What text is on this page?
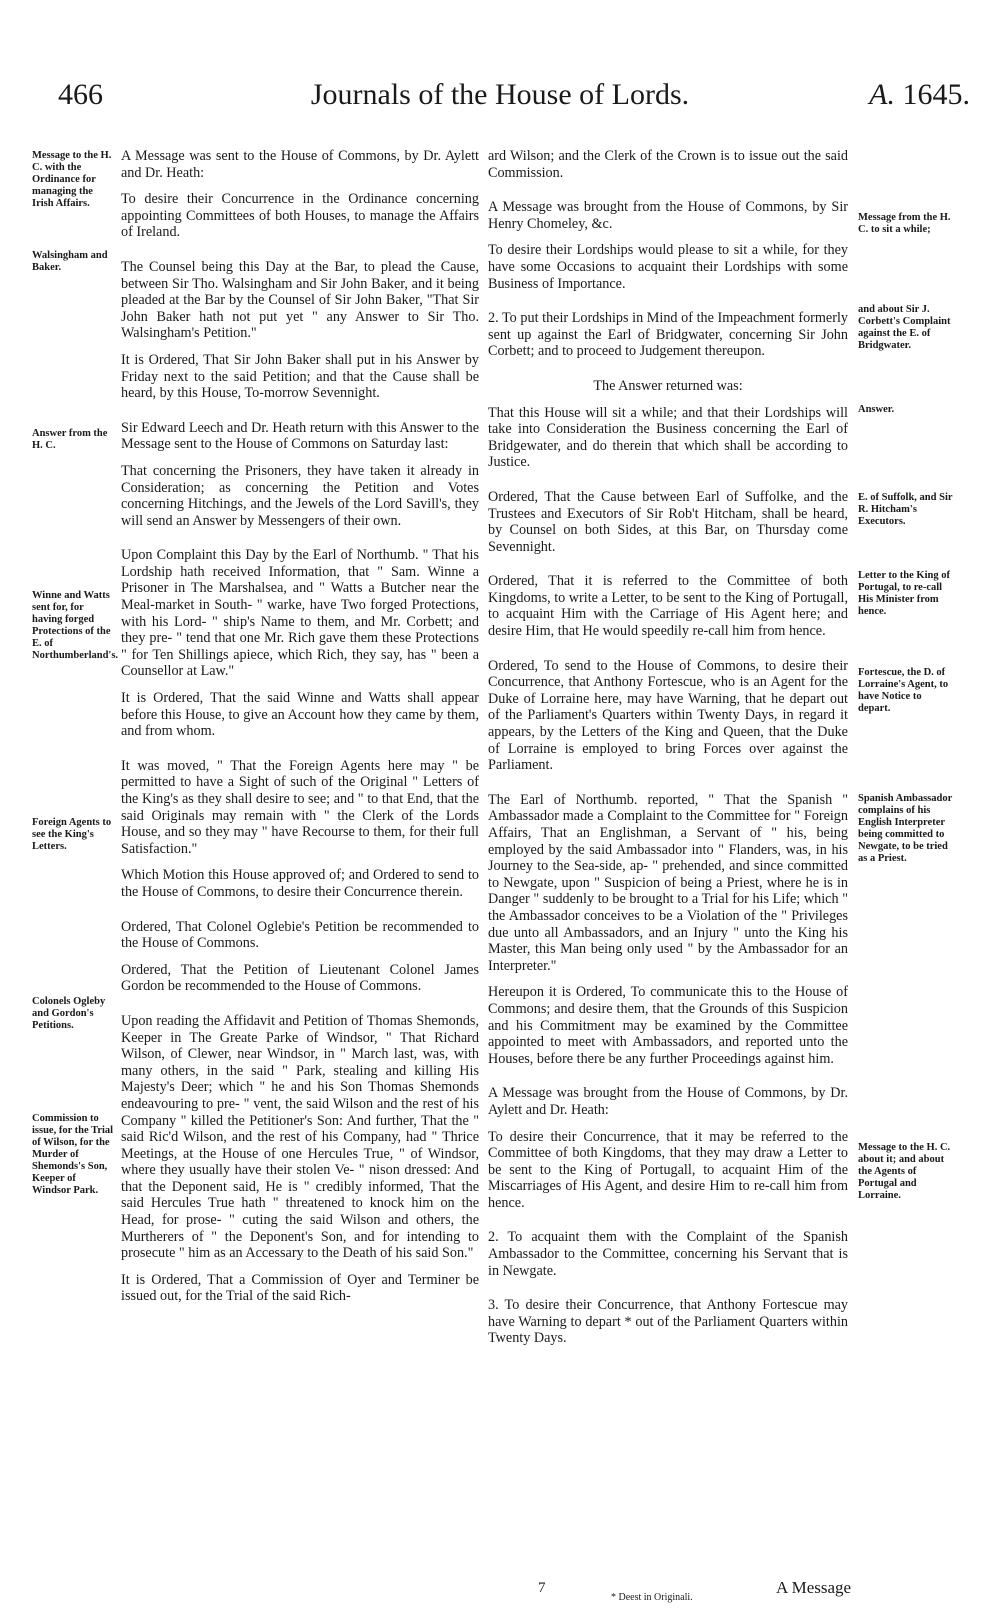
466	Journals of the House of Lords.	A. 1645.

A Message was sent to the House of Commons, by Dr. Aylett and Dr. Heath:

To desire their Concurrence in the Ordinance concerning appointing Committees of both Houses, to manage the Affairs of Ireland.

The Counsel being this Day at the Bar, to plead the Cause, between Sir Tho. Walsingham and Sir John Baker, and it being pleaded at the Bar by the Counsel of Sir John Baker, "That Sir John Baker hath not put yet " any Answer to Sir Tho. Walsingham's Petition."

It is Ordered, That Sir John Baker shall put in his Answer by Friday next to the said Petition; and that the Cause shall be heard, by this House, To-morrow Sevennight.

Sir Edward Leech and Dr. Heath return with this Answer to the Message sent to the House of Commons on Saturday last:

That concerning the Prisoners, they have taken it already in Consideration; as concerning the Petition and Votes concerning Hitchings, and the Jewels of the Lord Savill's, they will send an Answer by Messengers of their own.

Upon Complaint this Day by the Earl of Northumb. " That his Lordship hath received Information, that " Sam. Winne a Prisoner in The Marshalsea, and " Watts a Butcher near the Meal-market in South- " warke, have Two forged Protections, with his Lord- " ship's Name to them, and Mr. Corbett; and they pre- " tend that one Mr. Rich gave them these Protections " for Ten Shillings apiece, which Rich, they say, has " been a Counsellor at Law."

It is Ordered, That the said Winne and Watts shall appear before this House, to give an Account how they came by them, and from whom.

It was moved, " That the Foreign Agents here may " be permitted to have a Sight of such of the Original " Letters of the King's as they shall desire to see; and " to that End, that the said Originals may remain with " the Clerk of the Lords House, and so they may " have Recourse to them, for their full Satisfaction."

Which Motion this House approved of; and Ordered to send to the House of Commons, to desire their Concurrence therein.

Ordered, That Colonel Oglebie's Petition be recommended to the House of Commons.

Ordered, That the Petition of Lieutenant Colonel James Gordon be recommended to the House of Commons.

Upon reading the Affidavit and Petition of Thomas Shemonds, Keeper in The Greate Parke of Windsor, " That Richard Wilson, of Clewer, near Windsor, in " March last, was, with many others, in the said " Park, stealing and killing His Majesty's Deer; which " he and his Son Thomas Shemonds endeavouring to pre- " vent, the said Wilson and the rest of his Company " killed the Petitioner's Son: And further, That the " said Ric'd Wilson, and the rest of his Company, had " Thrice Meetings, at the House of one Hercules True, " of Windsor, where they usually have their stolen Ve- " nison dressed: And that the Deponent said, He is " credibly informed, That the said Hercules True hath " threatened to knock him on the Head, for prose- " cuting the said Wilson and others, the Murtherers of " the Deponent's Son, and for intending to prosecute " him as an Accessary to the Death of his said Son."

It is Ordered, That a Commission of Oyer and Terminer be issued out, for the Trial of the said Rich-

ard Wilson; and the Clerk of the Crown is to issue out the said Commission.

A Message was brought from the House of Commons, by Sir Henry Chomeley, &c.

To desire their Lordships would please to sit a while, for they have some Occasions to acquaint their Lordships with some Business of Importance.

2. To put their Lordships in Mind of the Impeachment formerly sent up against the Earl of Bridgwater, concerning Sir John Corbett; and to proceed to Judgement thereupon.

The Answer returned was:

That this House will sit a while; and that their Lordships will take into Consideration the Business concerning the Earl of Bridgewater, and do therein that which shall be according to Justice.

Ordered, That the Cause between Earl of Suffolke, and the Trustees and Executors of Sir Rob't Hitcham, shall be heard, by Counsel on both Sides, at this Bar, on Thursday come Sevennight.

Ordered, That it is referred to the Committee of both Kingdoms, to write a Letter, to be sent to the King of Portugall, to acquaint Him with the Carriage of His Agent here; and desire Him, that He would speedily re-call him from hence.

Ordered, To send to the House of Commons, to desire their Concurrence, that Anthony Fortescue, who is an Agent for the Duke of Lorraine here, may have Warning, that he depart out of the Parliament's Quarters within Twenty Days, in regard it appears, by the Letters of the King and Queen, that the Duke of Lorraine is employed to bring Forces over against the Parliament.

The Earl of Northumb. reported, " That the Spanish " Ambassador made a Complaint to the Committee for " Foreign Affairs, That an Englishman, a Servant of " his, being employed by the said Ambassador into " Flanders, was, in his Journey to the Sea-side, ap- " prehended, and since committed to Newgate, upon " Suspicion of being a Priest, where he is in Danger " suddenly to be brought to a Trial for his Life; which " the Ambassador conceives to be a Violation of the " Privileges due unto all Ambassadors, and an Injury " unto the King his Master, this Man being only used " by the Ambassador for an Interpreter."

Hereupon it is Ordered, To communicate this to the House of Commons; and desire them, that the Grounds of this Suspicion and his Commitment may be examined by the Committee appointed to meet with Ambassadors, and reported unto the Houses, before there be any further Proceedings against him.

A Message was brought from the House of Commons, by Dr. Aylett and Dr. Heath:

To desire their Concurrence, that it may be referred to the Committee of both Kingdoms, that they may draw a Letter to be sent to the King of Portugall, to acquaint Him of the Miscarriages of His Agent, and desire Him to re-call him from hence.

2. To acquaint them with the Complaint of the Spanish Ambassador to the Committee, concerning his Servant that is in Newgate.

3. To desire their Concurrence, that Anthony Fortescue may have Warning to depart * out of the Parliament Quarters within Twenty Days.

Message to the H. C. with the Ordinance for managing the Irish Affairs.
Walsingham and Baker.
Answer from the H. C.
Winne and Watts sent for, for having forged Protections of the E. of Northumberland's.
Foreign Agents to see the King's Letters.
Colonels Ogleby and Gordon's Petitions.
Commission to issue, for the Trial of Wilson, for the Murder of Shemonds's Son, Keeper of Windsor Park.
Message from the H. C. to sit a while;
and about Sir J. Corbett's Complaint against the E. of Bridgwater.
Answer.
E. of Suffolk, and Sir R. Hitcham's Executors.
Letter to the King of Portugal, to re-call His Minister from hence.
Fortescue, the D. of Lorraine's Agent, to have Notice to depart.
Spanish Ambassador complains of his English Interpreter being committed to Newgate, to be tried as a Priest.
Message to the H. C. about it; and about the Agents of Portugal and Lorraine.
7
* Deest in Originali.
A Message
